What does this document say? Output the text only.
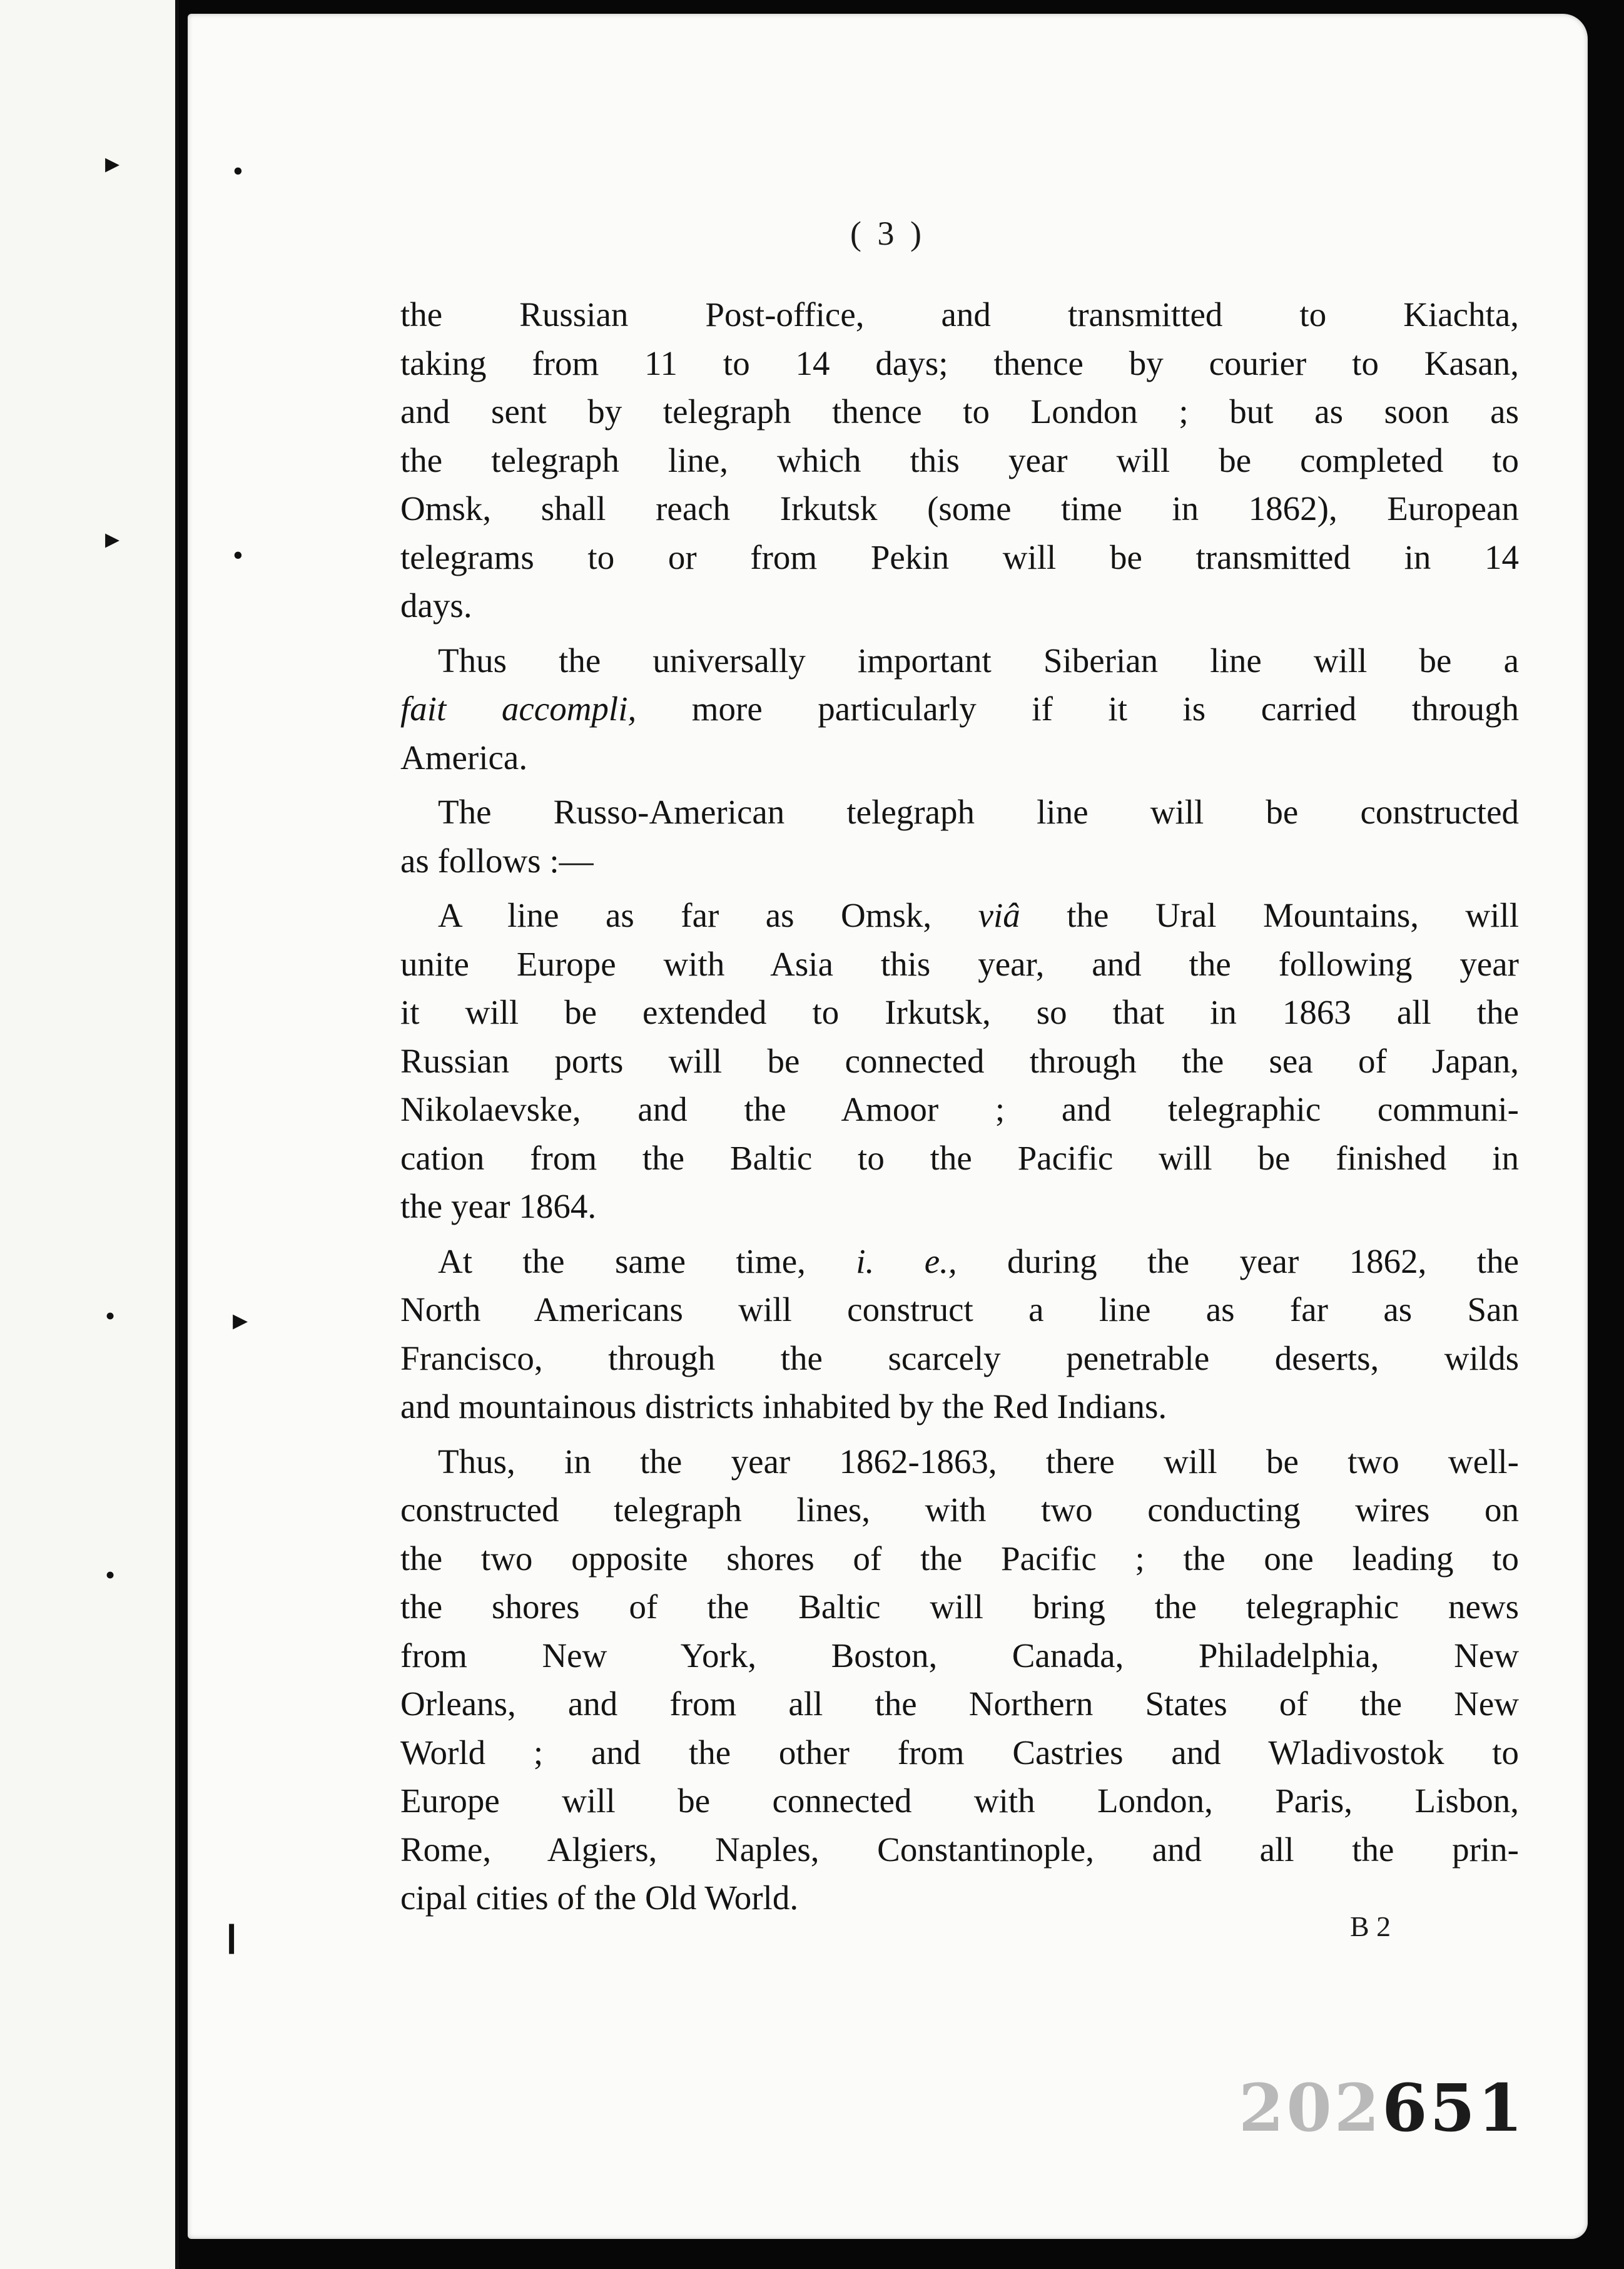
▸
▸
•
•
•
•
▸
❙
( 3 )
the Russian Post-office, and transmitted to Kiachta,
taking from 11 to 14 days; thence by courier to Kasan,
and sent by telegraph thence to London ; but as soon as
the telegraph line, which this year will be completed to
Omsk, shall reach Irkutsk (some time in 1862), European
telegrams to or from Pekin will be transmitted in 14
days.
Thus the universally important Siberian line will be a
fait accompli, more particularly if it is carried through
America.
The Russo-American telegraph line will be constructed
as follows :—
A line as far as Omsk, viâ the Ural Mountains, will
unite Europe with Asia this year, and the following year
it will be extended to Irkutsk, so that in 1863 all the
Russian ports will be connected through the sea of Japan,
Nikolaevske, and the Amoor ; and telegraphic communi-
cation from the Baltic to the Pacific will be finished in
the year 1864.
At the same time, i. e., during the year 1862, the
North Americans will construct a line as far as San
Francisco, through the scarcely penetrable deserts, wilds
and mountainous districts inhabited by the Red Indians.
Thus, in the year 1862-1863, there will be two well-
constructed telegraph lines, with two conducting wires on
the two opposite shores of the Pacific ; the one leading to
the shores of the Baltic will bring the telegraphic news
from New York, Boston, Canada, Philadelphia, New
Orleans, and from all the Northern States of the New
World ; and the other from Castries and Wladivostok to
Europe will be connected with London, Paris, Lisbon,
Rome, Algiers, Naples, Constantinople, and all the prin-
cipal cities of the Old World.
B 2
202651
